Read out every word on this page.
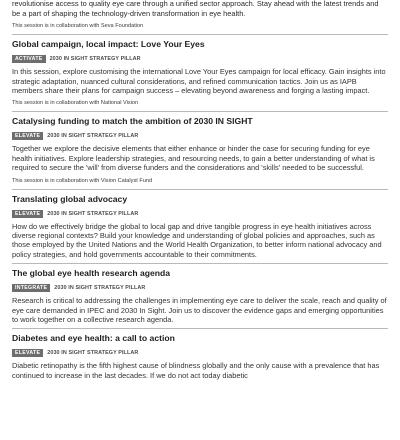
revolutionise access to quality eye care through a unified sector approach. Stay ahead with the latest trends and be a part of shaping the technology-driven transformation in eye health.

This session is in collaboration with Seva Foundation

Global campaign, local impact: Love Your Eyes
ACTIVATE	2030 IN SIGHT STRATEGY PILLAR

In this session, explore customising the international Love Your Eyes campaign for local efficacy. Gain insights into strategic adaptation, nuanced cultural considerations, and refined communication tactics. Join us as IAPB members share their plans for campaign success – elevating beyond awareness and forging a lasting impact.

This session is in collaboration with National Vision

Catalysing funding to match the ambition of 2030 IN SIGHT
ELEVATE	2030 IN SIGHT STRATEGY PILLAR

Together we explore the decisive elements that either enhance or hinder the case for securing funding for eye health initiatives. Explore leadership strategies, and resourcing needs, to gain a better understanding of what is required to secure the 'will' from diverse funders and the considerations and 'skills' needed to be successful.

This session is in collaboration with Vision Catalyst Fund

Translating global advocacy
ELEVATE	2030 IN SIGHT STRATEGY PILLAR

How do we effectively bridge the global to local gap and drive tangible progress in eye health initiatives across diverse regional contexts? Build your knowledge and understanding of global policies and approaches, such as those employed by the United Nations and the World Health Organization, to better inform national advocacy and policy strategies, and hold governments accountable to their commitments.

The global eye health research agenda
INTEGRATE	2030 IN SIGHT STRATEGY PILLAR

Research is critical to addressing the challenges in implementing eye care to deliver the scale, reach and quality of eye care demanded in IPEC and 2030 In Sight. Join us to discover the evidence gaps and emerging opportunities to work together on a collective research agenda.

Diabetes and eye health: a call to action
ELEVATE	2030 IN SIGHT STRATEGY PILLAR

Diabetic retinopathy is the fifth highest cause of blindness globally and the only cause with a prevalence that has continued to increase in the last decades. If we do not act today diabetic
